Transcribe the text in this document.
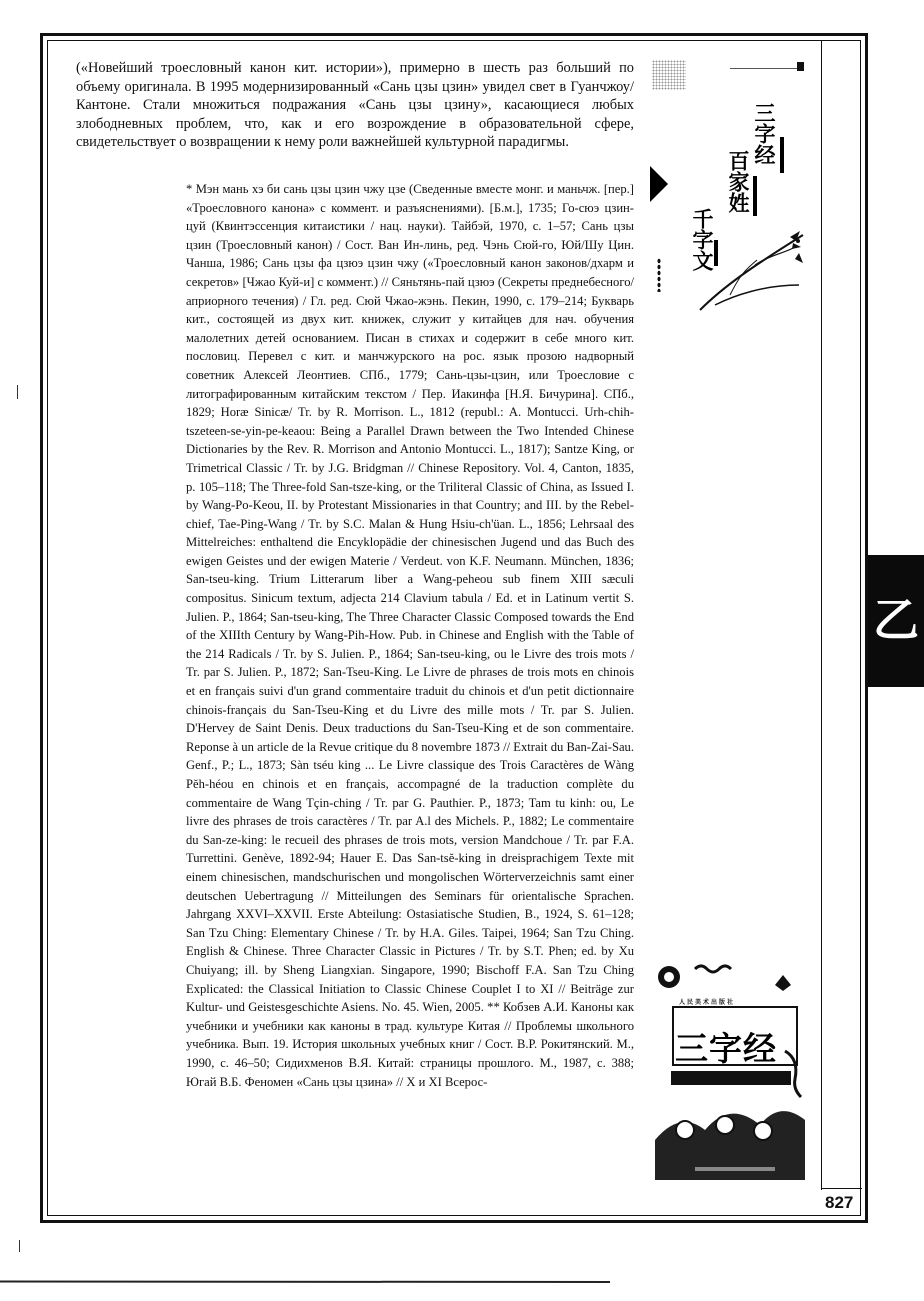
三字经
百家姓
千字文
乙
人民美术出版社
三字经

(«Новейший троесловный канон кит. истории»), примерно в шесть раз больший по объему оригинала. В 1995 модернизированный «Сань цзы цзин» увидел свет в Гуанчжоу/Кантоне. Стали множиться подражания «Сань цзы цзину», касающиеся любых злободневных проблем, что, как и его возрождение в образовательной сфере, свидетельствует о возвращении к нему роли важнейшей культурной парадигмы.

* Мэн мань хэ би сань цзы цзин чжу цзе (Сведенные вместе монг. и маньчж. [пер.] «Троесловного канона» с коммент. и разъяснениями). [Б.м.], 1735; Го-сюэ цзин-цуй (Квинтэссенция китаистики / нац. науки). Тайбэй, 1970, с. 1–57; Сань цзы цзин (Троесловный канон) / Сост. Ван Ин-линь, ред. Чэнь Сюй-го, Юй/Шу Цин. Чанша, 1986; Сань цзы фа цзюэ цзин чжу («Троесловный канон законов/дхарм и секретов» [Чжао Куй-и] с коммент.) // Сяньтянь-пай цзюэ (Секреты преднебесного/априорного течения) / Гл. ред. Сюй Чжао-жэнь. Пекин, 1990, с. 179–214; Букварь кит., состоящей из двух кит. книжек, служит у китайцев для нач. обучения малолетних детей основанием. Писан в стихах и содержит в себе много кит. пословиц. Перевел с кит. и манчжурского на рос. язык прозою надворный советник Алексей Леонтиев. СПб., 1779; Сань-цзы-цзин, или Троесловие с литографированным китайским текстом / Пер. Иакинфа [Н.Я. Бичурина]. СПб., 1829; Horæ Sinicæ/ Tr. by R. Morrison. L., 1812 (republ.: A. Montucci. Urh-chih-tszeteen-se-yin-pe-keaou: Being a Parallel Drawn between the Two Intended Chinese Dictionaries by the Rev. R. Morrison and Antonio Montucci. L., 1817); Santze King, or Trimetrical Classic / Tr. by J.G. Bridgman // Chinese Repository. Vol. 4, Canton, 1835, p. 105–118; The Three-fold San-tsze-king, or the Triliteral Classic of China, as Issued I. by Wang-Po-Keou, II. by Protestant Missionaries in that Country; and III. by the Rebel-chief, Tae-Ping-Wang / Tr. by S.C. Malan & Hung Hsiu-ch'üan. L., 1856; Lehrsaal des Mittelreiches: enthaltend die Encyklopädie der chinesischen Jugend und das Buch des ewigen Geistes und der ewigen Materie / Verdeut. von K.F. Neumann. München, 1836; San-tseu-king. Trium Litterarum liber a Wang-peheou sub finem XIII sæculi compositus. Sinicum textum, adjecta 214 Clavium tabula / Ed. et in Latinum vertit S. Julien. P., 1864; San-tseu-king, The Three Character Classic Composed towards the End of the XIIIth Century by Wang-Pih-How. Pub. in Chinese and English with the Table of the 214 Radicals / Tr. by S. Julien. P., 1864; San-tseu-king, ou le Livre des trois mots / Tr. par S. Julien. P., 1872; San-Tseu-King. Le Livre de phrases de trois mots en chinois et en français suivi d'un grand commentaire traduit du chinois et d'un petit dictionnaire chinois-français du San-Tseu-King et du Livre des mille mots / Tr. par S. Julien. D'Hervey de Saint Denis. Deux traductions du San-Tseu-King et de son commentaire. Reponse à un article de la Revue critique du 8 novembre 1873 // Extrait du Ban-Zai-Sau. Genf., P.; L., 1873; Sàn tséu king ... Le Livre classique des Trois Caractères de Wàng Pĕh-héou en chinois et en français, accompagné de la traduction complète du commentaire de Wang Tçin-ching / Tr. par G. Pauthier. P., 1873; Tam tu kinh: ou, Le livre des phrases de trois caractères / Tr. par A.l des Michels. P., 1882; Le commentaire du San-ze-king: le recueil des phrases de trois mots, version Mandchoue / Tr. par F.A. Turrettini. Genève, 1892-94; Hauer E. Das San-tsĕ-king in dreisprachigem Texte mit einem chinesischen, mandschurischen und mongolischen Wörterverzeichnis samt einer deutschen Uebertragung // Mitteilungen des Seminars für orientalische Sprachen. Jahrgang XXVI–XXVII. Erste Abteilung: Ostasiatische Studien, B., 1924, S. 61–128; San Tzu Ching: Elementary Chinese / Tr. by H.A. Giles. Taipei, 1964; San Tzu Ching. English & Chinese. Three Character Classic in Pictures / Tr. by S.T. Phen; ed. by Xu Chuiyang; ill. by Sheng Liangxian. Singapore, 1990; Bischoff F.A. San Tzu Ching Explicated: the Classical Initiation to Classic Chinese Couplet I to XI // Beiträge zur Kultur- und Geistesgeschichte Asiens. No. 45. Wien, 2005. ** Кобзев А.И. Каноны как учебники и учебники как каноны в трад. культуре Китая // Проблемы школьного учебника. Вып. 19. История школьных учебных книг / Сост. В.Р. Рокитянский. М., 1990, с. 46–50; Сидихменов В.Я. Китай: страницы прошлого. М., 1987, с. 388; Югай В.Б. Феномен «Сань цзы цзина» // X и XI Всерос-

827
